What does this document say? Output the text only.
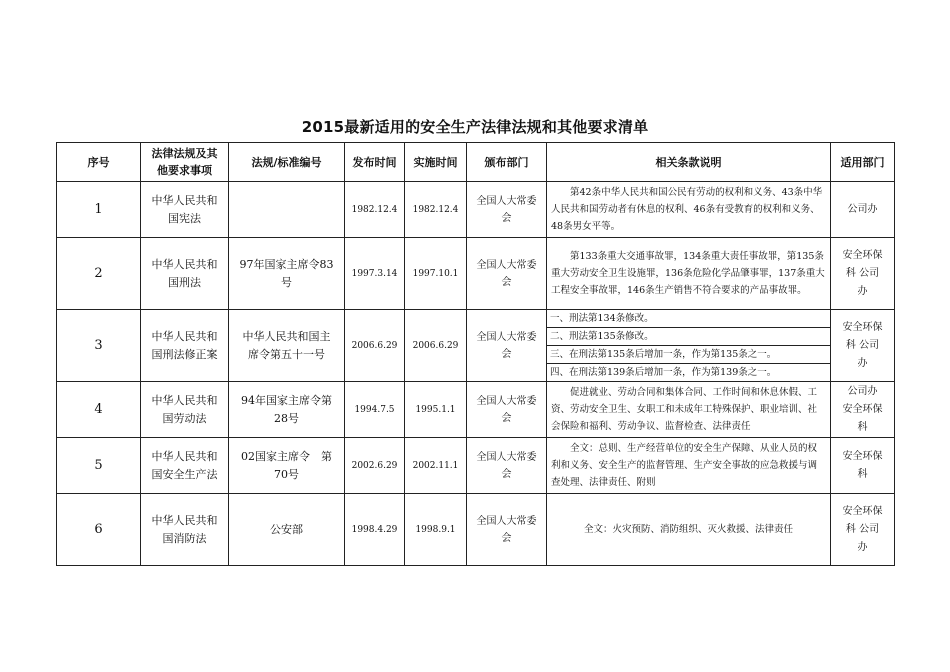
2015最新适用的安全生产法律法规和其他要求清单
序号	法律法规及其
他要求事项	法规/标准编号	发布时间	实施时间	颁布部门	相关条款说明	适用部门
1	中华人民共和
国宪法		1982.12.4	1982.12.4	全国人大常委
会	第42条中华人民共和国公民有劳动的权利和义务、43条中华人民共和国劳动者有休息的权利、46条有受教育的权利和义务、48条男女平等。	公司办
2	中华人民共和
国刑法	97年国家主席令83
号	1997.3.14	1997.10.1	全国人大常委
会	第133条重大交通事故罪，134条重大责任事故罪，第135条重大劳动安全卫生设施罪，136条危险化学品肇事罪，137条重大工程安全事故罪，146条生产销售不符合要求的产品事故罪。	安全环保
科 公司
办
3	中华人民共和
国刑法修正案	中华人民共和国主
席令第五十一号	2006.6.29	2006.6.29	全国人大常委
会	一、刑法第134条修改。	安全环保
科 公司
办
						二、刑法第135条修改。	
						三、在刑法第135条后增加一条，作为第135条之一。	
						四、在刑法第139条后增加一条，作为第139条之一。	
4	中华人民共和
国劳动法	94年国家主席令第
28号	1994.7.5	1995.1.1	全国人大常委
会	促进就业、劳动合同和集体合同、工作时间和休息休假、工资、劳动安全卫生、女职工和未成年工特殊保护、职业培训、社会保险和福利、劳动争议、监督检查、法律责任	公司办
安全环保
科
5	中华人民共和
国安全生产法	02国家主席令　第
70号	2002.6.29	2002.11.1	全国人大常委
会	全文：总则、生产经营单位的安全生产保障、从业人员的权利和义务、安全生产的监督管理、生产安全事故的应急救援与调查处理、法律责任、附则	安全环保
科
6	中华人民共和
国消防法	公安部	1998.4.29	1998.9.1	全国人大常委
会	全文：火灾预防、消防组织、灭火救援、法律责任	安全环保
科 公司
办
